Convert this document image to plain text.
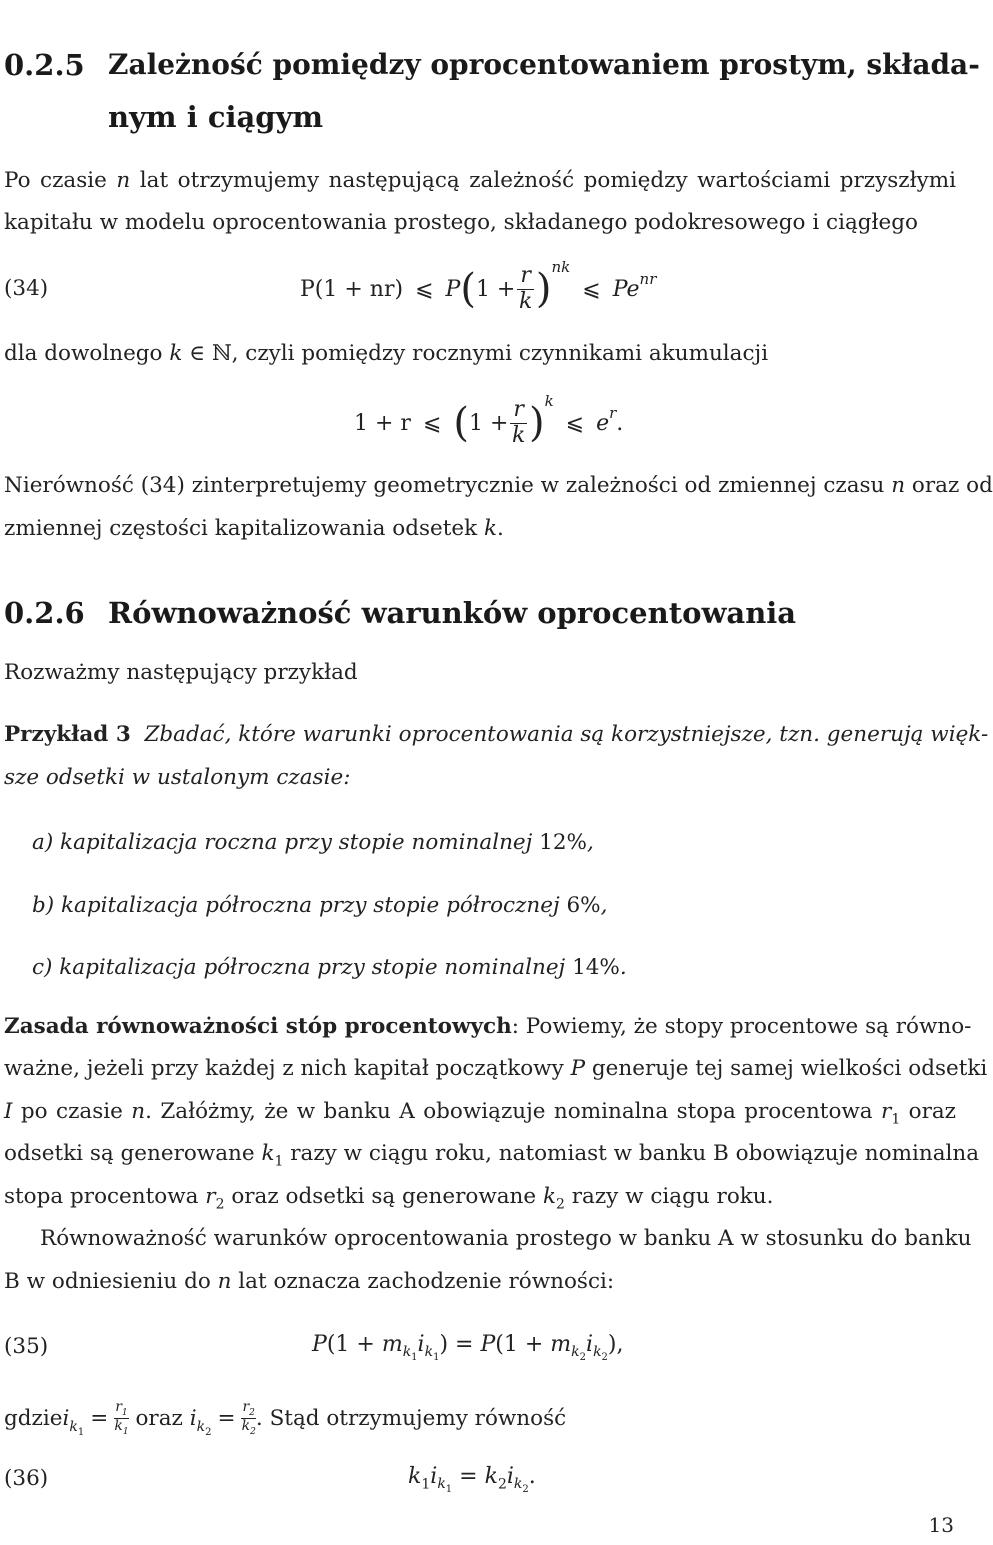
0.2.5 Zależność pomiędzy oprocentowaniem prostym, składa-
nym i ciągym
Po czasie n lat otrzymujemy następującą zależność pomiędzy wartościami przyszłymi
kapitału w modelu oprocentowania prostego, składanego podokresowego i ciągłego
(34)	P(1 + nr) ⩽ P ( $1 + \frac{r}{k}$ ) nk
⩽ Pe nr
dla dowolnego k ∈ ℕ, czyli pomiędzy rocznymi czynnikami akumulacji
1 + r ⩽ ( $1 + \frac{r}{k}$ ) k
⩽ e r .
Nierówność (34) zinterpretujemy geometrycznie w zależności od zmiennej czasu n oraz od
zmiennej częstości kapitalizowania odsetek k.
0.2.6 Równoważność warunków oprocentowania
Rozważmy następujący przykład
Przykład 3 Zbadać, które warunki oprocentowania są korzystniejsze, tzn. generują więk-
sze odsetki w ustalonym czasie:
a) kapitalizacja roczna przy stopie nominalnej 12%,
b) kapitalizacja półroczna przy stopie półrocznej 6%,
c) kapitalizacja półroczna przy stopie nominalnej 14%.
Zasada równoważności stóp procentowych: Powiemy, że stopy procentowe są równo-
ważne, jeżeli przy każdej z nich kapitał początkowy P generuje tej samej wielkości odsetki
I po czasie n. Załóżmy, że w banku A obowiązuje nominalna stopa procentowa $r_1$ oraz
odsetki są generowane $k_1$ razy w ciągu roku, natomiast w banku B obowiązuje nominalna
stopa procentowa $r_2$ oraz odsetki są generowane $k_2$ razy w ciągu roku.
Równoważność warunków oprocentowania prostego w banku A w stosunku do banku
B w odniesieniu do n lat oznacza zachodzenie równości:
(35)	$P(1 + m_{k_1}i_{k_1}) = P(1 + m_{k_2}i_{k_2})$,
gdzie i $_{k_1}$
= $\frac{r_1}{k_1}$ oraz i $_{k_2}$
= $\frac{r_2}{k_2}$ . Stąd otrzymujemy równość
(36)	$k_1i_{k_1} = k_2i_{k_2}$.
13
